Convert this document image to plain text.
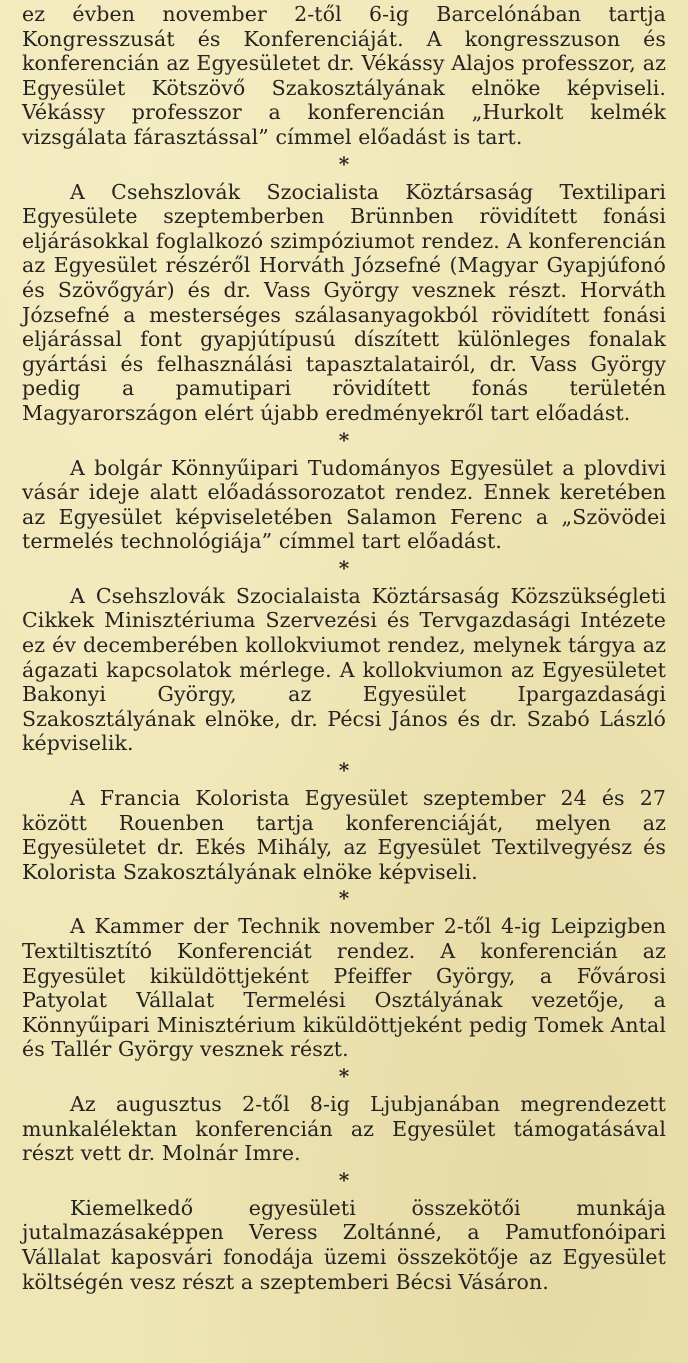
ez évben november 2-től 6-ig Barcelónában tartja Kongresszusát és Konferenciáját. A kongresszuson és konferencián az Egyesületet dr. Vékássy Alajos professzor, az Egyesület Kötszövő Szakosztályának elnöke képviseli. Vékássy professzor a konferencián „Hurkolt kelmék vizsgálata fárasztással” címmel előadást is tart.

*

A Csehszlovák Szocialista Köztársaság Textilipari Egyesülete szeptemberben Brünnben rövidített fonási eljárásokkal foglalkozó szimpóziumot rendez. A konferencián az Egyesület részéről Horváth Józsefné (Magyar Gyapjúfonó és Szövőgyár) és dr. Vass György vesznek részt. Horváth Józsefné a mesterséges szálasanyagokból rövidített fonási eljárással font gyapjútípusú díszített különleges fonalak gyártási és felhasználási tapasztalatairól, dr. Vass György pedig a pamutipari rövidített fonás területén Magyarországon elért újabb eredményekről tart előadást.

*

A bolgár Könnyűipari Tudományos Egyesület a plovdivi vásár ideje alatt előadássorozatot rendez. Ennek keretében az Egyesület képviseletében Salamon Ferenc a „Szövödei termelés technológiája” címmel tart előadást.

*

A Csehszlovák Szocialaista Köztársaság Közszükségleti Cikkek Minisztériuma Szervezési és Tervgazdasági Intézete ez év decemberében kollokviumot rendez, melynek tárgya az ágazati kapcsolatok mérlege. A kollokviumon az Egyesületet Bakonyi György, az Egyesület Ipargazdasági Szakosztályának elnöke, dr. Pécsi János és dr. Szabó László képviselik.

*

A Francia Kolorista Egyesület szeptember 24 és 27 között Rouenben tartja konferenciáját, melyen az Egyesületet dr. Ekés Mihály, az Egyesület Textilvegyész és Kolorista Szakosztályának elnöke képviseli.

*

A Kammer der Technik november 2-től 4-ig Leipzigben Textiltisztító Konferenciát rendez. A konferencián az Egyesület kiküldöttjeként Pfeiffer György, a Fővárosi Patyolat Vállalat Termelési Osztályának vezetője, a Könnyűipari Minisztérium kiküldöttjeként pedig Tomek Antal és Tallér György vesznek részt.

*

Az augusztus 2-től 8-ig Ljubjanában megrendezett munkalélektan konferencián az Egyesület támogatásával részt vett dr. Molnár Imre.

*

Kiemelkedő egyesületi összekötői munkája jutalmazásaképpen Veress Zoltánné, a Pamutfonóipari Vállalat kaposvári fonodája üzemi összekötője az Egyesület költségén vesz részt a szeptemberi Bécsi Vásáron.
